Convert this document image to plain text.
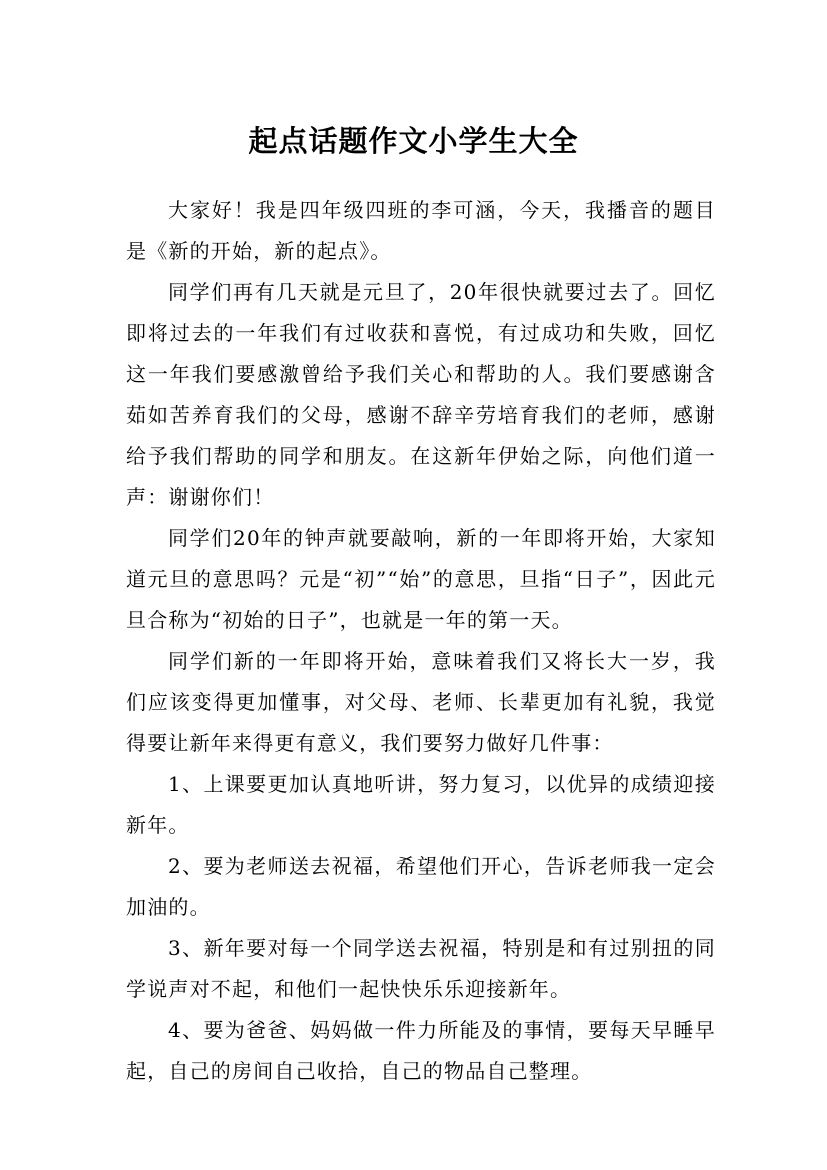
起点话题作文小学生大全

大家好！我是四年级四班的李可涵，今天，我播音的题目是《新的开始，新的起点》。

同学们再有几天就是元旦了，20年很快就要过去了。回忆即将过去的一年我们有过收获和喜悦，有过成功和失败，回忆这一年我们要感激曾给予我们关心和帮助的人。我们要感谢含茹如苦养育我们的父母，感谢不辞辛劳培育我们的老师，感谢给予我们帮助的同学和朋友。在这新年伊始之际，向他们道一声：谢谢你们！

同学们20年的钟声就要敲响，新的一年即将开始，大家知道元旦的意思吗？元是“初”“始”的意思，旦指“日子”，因此元旦合称为“初始的日子”，也就是一年的第一天。

同学们新的一年即将开始，意味着我们又将长大一岁，我们应该变得更加懂事，对父母、老师、长辈更加有礼貌，我觉得要让新年来得更有意义，我们要努力做好几件事：

1、上课要更加认真地听讲，努力复习，以优异的成绩迎接新年。

2、要为老师送去祝福，希望他们开心，告诉老师我一定会加油的。

3、新年要对每一个同学送去祝福，特别是和有过别扭的同学说声对不起，和他们一起快快乐乐迎接新年。

4、要为爸爸、妈妈做一件力所能及的事情，要每天早睡早起，自己的房间自己收拾，自己的物品自己整理。
